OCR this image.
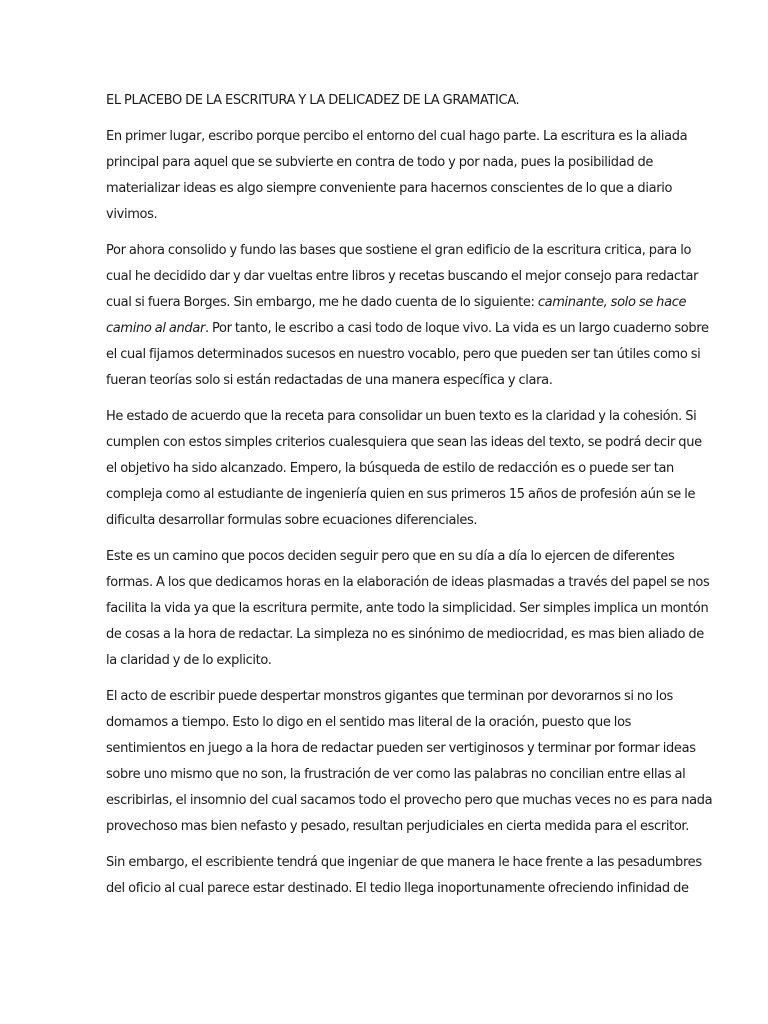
EL PLACEBO DE LA ESCRITURA Y LA DELICADEZ DE LA GRAMATICA.
En primer lugar, escribo porque percibo el entorno del cual hago parte. La escritura es la aliada
principal para aquel que se subvierte en contra de todo y por nada, pues la posibilidad de
materializar ideas es algo siempre conveniente para hacernos conscientes de lo que a diario
vivimos.
Por ahora consolido y fundo las bases que sostiene el gran edificio de la escritura critica, para lo
cual he decidido dar y dar vueltas entre libros y recetas buscando el mejor consejo para redactar
cual si fuera Borges. Sin embargo, me he dado cuenta de lo siguiente: caminante, solo se hace
camino al andar. Por tanto, le escribo a casi todo de loque vivo. La vida es un largo cuaderno sobre
el cual fijamos determinados sucesos en nuestro vocablo, pero que pueden ser tan útiles como si
fueran teorías solo si están redactadas de una manera específica y clara.
He estado de acuerdo que la receta para consolidar un buen texto es la claridad y la cohesión. Si
cumplen con estos simples criterios cualesquiera que sean las ideas del texto, se podrá decir que
el objetivo ha sido alcanzado. Empero, la búsqueda de estilo de redacción es o puede ser tan
compleja como al estudiante de ingeniería quien en sus primeros 15 años de profesión aún se le
dificulta desarrollar formulas sobre ecuaciones diferenciales.
Este es un camino que pocos deciden seguir pero que en su día a día lo ejercen de diferentes
formas. A los que dedicamos horas en la elaboración de ideas plasmadas a través del papel se nos
facilita la vida ya que la escritura permite, ante todo la simplicidad. Ser simples implica un montón
de cosas a la hora de redactar. La simpleza no es sinónimo de mediocridad, es mas bien aliado de
la claridad y de lo explicito.
El acto de escribir puede despertar monstros gigantes que terminan por devorarnos si no los
domamos a tiempo. Esto lo digo en el sentido mas literal de la oración, puesto que los
sentimientos en juego a la hora de redactar pueden ser vertiginosos y terminar por formar ideas
sobre uno mismo que no son, la frustración de ver como las palabras no concilian entre ellas al
escribirlas, el insomnio del cual sacamos todo el provecho pero que muchas veces no es para nada
provechoso mas bien nefasto y pesado, resultan perjudiciales en cierta medida para el escritor.
Sin embargo, el escribiente tendrá que ingeniar de que manera le hace frente a las pesadumbres
del oficio al cual parece estar destinado. El tedio llega inoportunamente ofreciendo infinidad de
